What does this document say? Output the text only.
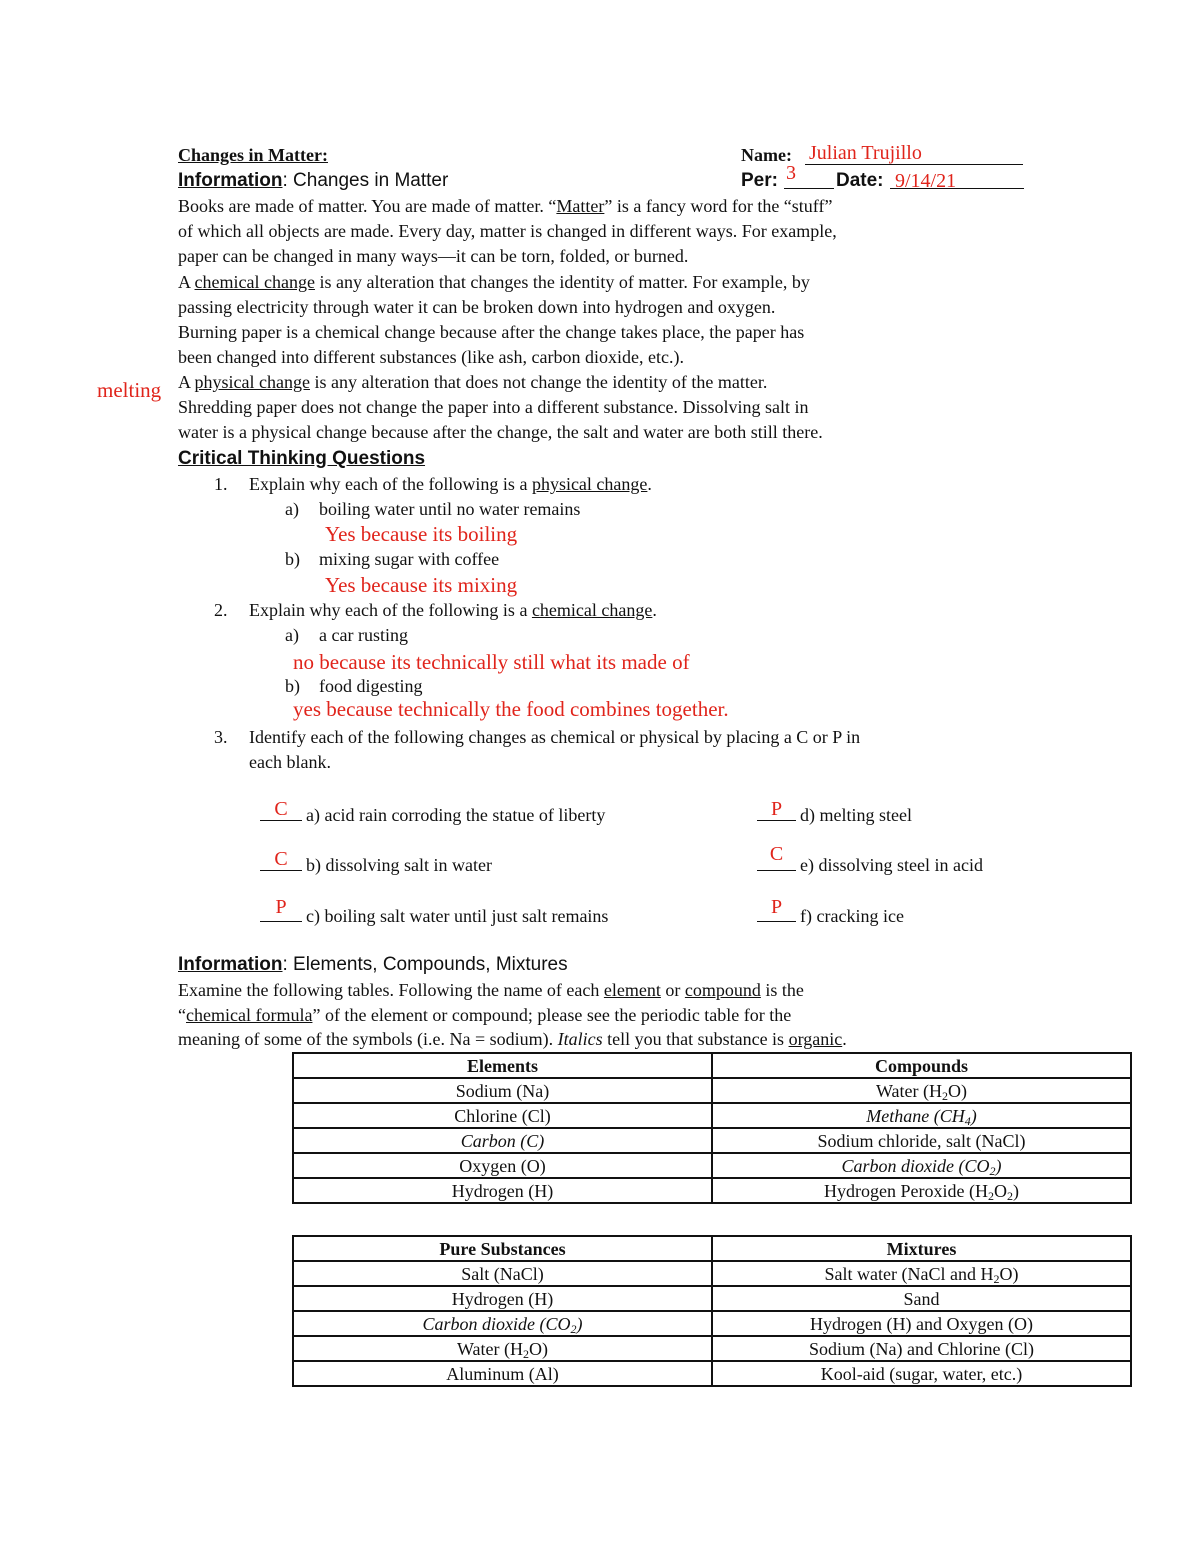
Changes in Matter:	Name: Julian Trujillo
Information: Changes in Matter	Per: 3 Date: 9/14/21
Books are made of matter. You are made of matter. “Matter” is a fancy word for the “stuff”
of which all objects are made. Every day, matter is changed in different ways. For example,
paper can be changed in many ways—it can be torn, folded, or burned.
A chemical change is any alteration that changes the identity of matter. For example, by
passing electricity through water it can be broken down into hydrogen and oxygen.
Burning paper is a chemical change because after the change takes place, the paper has
been changed into different substances (like ash, carbon dioxide, etc.).
melting A physical change is any alteration that does not change the identity of the matter.
Shredding paper does not change the paper into a different substance. Dissolving salt in
water is a physical change because after the change, the salt and water are both still there.
Critical Thinking Questions
1. Explain why each of the following is a physical change.
a) boiling water until no water remains
Yes because its boiling
b) mixing sugar with coffee
Yes because its mixing
2. Explain why each of the following is a chemical change.
a) a car rusting
no because its technically still what its made of
b) food digesting
yes because technically the food combines together.
3. Identify each of the following changes as chemical or physical by placing a C or P in
each blank.
C	a) acid rain corroding the statue of liberty	P d) melting steel
C	b) dissolving salt in water	C e) dissolving steel in acid
P	c) boiling salt water until just salt remains	P f) cracking ice
Information: Elements, Compounds, Mixtures
Examine the following tables. Following the name of each element or compound is the
“chemical formula” of the element or compound; please see the periodic table for the
meaning of some of the symbols (i.e. Na = sodium). Italics tell you that substance is organic.
Elements	Compounds
Sodium (Na)	Water $(H_2O)$
Chlorine (Cl)	Methane $(CH_4)$
Carbon (C)	Sodium chloride, salt (NaCl)
Oxygen (O)	Carbon dioxide $(CO_2)$
Hydrogen (H)	Hydrogen Peroxide $(H_2O_2)$
Pure Substances	Mixtures
Salt (NaCl)	Salt water (NaCl and $H_2O$)
Hydrogen (H)	Sand
Carbon dioxide $(CO_2)$	Hydrogen (H) and Oxygen (O)
Water $(H_2O)$	Sodium (Na) and Chlorine (Cl)
Aluminum (Al)	Kool-aid (sugar, water, etc.)
